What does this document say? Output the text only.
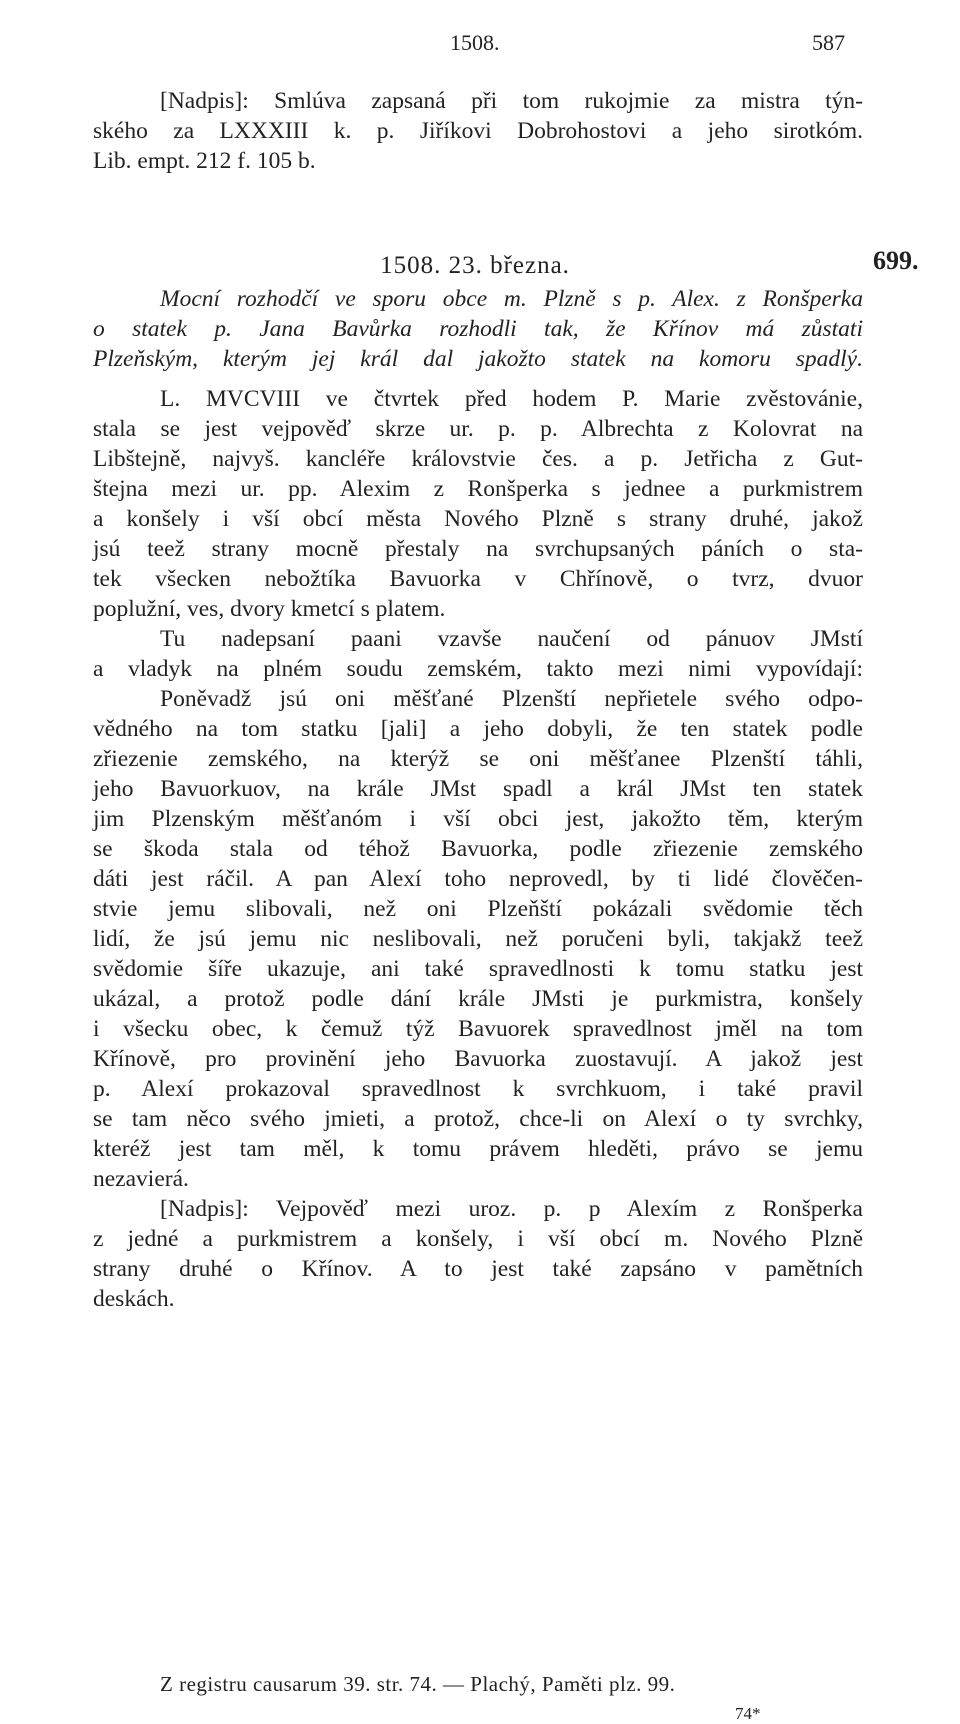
1508.	587
[Nadpis]: Smlúva zapsaná při tom rukojmie za mistra týn-
ského za LXXXIII k. p. Jiříkovi Dobrohostovi a jeho sirotkóm.
Lib. empt. 212 f. 105 b.
1508. 23. března.	699.
Mocní rozhodčí ve sporu obce m. Plzně s p. Alex. z Ronšperka
o statek p. Jana Bavůrka rozhodli tak, že Křínov má zůstati
Plzeňským, kterým jej král dal jakožto statek na komoru spadlý.
L. MVCVIII ve čtvrtek před hodem P. Marie zvěstovánie,
stala se jest vejpověď skrze ur. p. p. Albrechta z Kolovrat na
Libštejně, najvyš. kancléře královstvie čes. a p. Jetřicha z Gut-
štejna mezi ur. pp. Alexim z Ronšperka s jednee a purkmistrem
a konšely i vší obcí města Nového Plzně s strany druhé, jakož
jsú teež strany mocně přestaly na svrchupsaných páních o sta-
tek všecken nebožtíka Bavuorka v Chřínově, o tvrz, dvuor
poplužní, ves, dvory kmetcí s platem.
Tu nadepsaní paani vzavše naučení od pánuov JMstí
a vladyk na plném soudu zemském, takto mezi nimi vypovídají:
Poněvadž jsú oni měšťané Plzenští nepřietele svého odpo-
vědného na tom statku [jali] a jeho dobyli, že ten statek podle
zřiezenie zemského, na kterýž se oni měšťanee Plzenští táhli,
jeho Bavuorkuov, na krále JMst spadl a král JMst ten statek
jim Plzenským měšťanóm i vší obci jest, jakožto těm, kterým
se škoda stala od téhož Bavuorka, podle zřiezenie zemského
dáti jest ráčil. A pan Alexí toho neprovedl, by ti lidé člověčen-
stvie jemu slibovali, než oni Plzeňští pokázali svědomie těch
lidí, že jsú jemu nic neslibovali, než poručeni byli, takjakž teež
svědomie šíře ukazuje, ani také spravedlnosti k tomu statku jest
ukázal, a protož podle dání krále JMsti je purkmistra, konšely
i všecku obec, k čemuž týž Bavuorek spravedlnost jměl na tom
Křínově, pro provinění jeho Bavuorka zuostavují. A jakož jest
p. Alexí prokazoval spravedlnost k svrchkuom, i také pravil
se tam něco svého jmieti, a protož, chce-li on Alexí o ty svrchky,
kteréž jest tam měl, k tomu právem hleděti, právo se jemu
nezavierá.
[Nadpis]: Vejpověď mezi uroz. p. p Alexím z Ronšperka
z jedné a purkmistrem a konšely, i vší obcí m. Nového Plzně
strany druhé o Křínov. A to jest také zapsáno v pamětních
deskách.
Z registru causarum 39. str. 74. — Plachý, Paměti plz. 99.
74*
